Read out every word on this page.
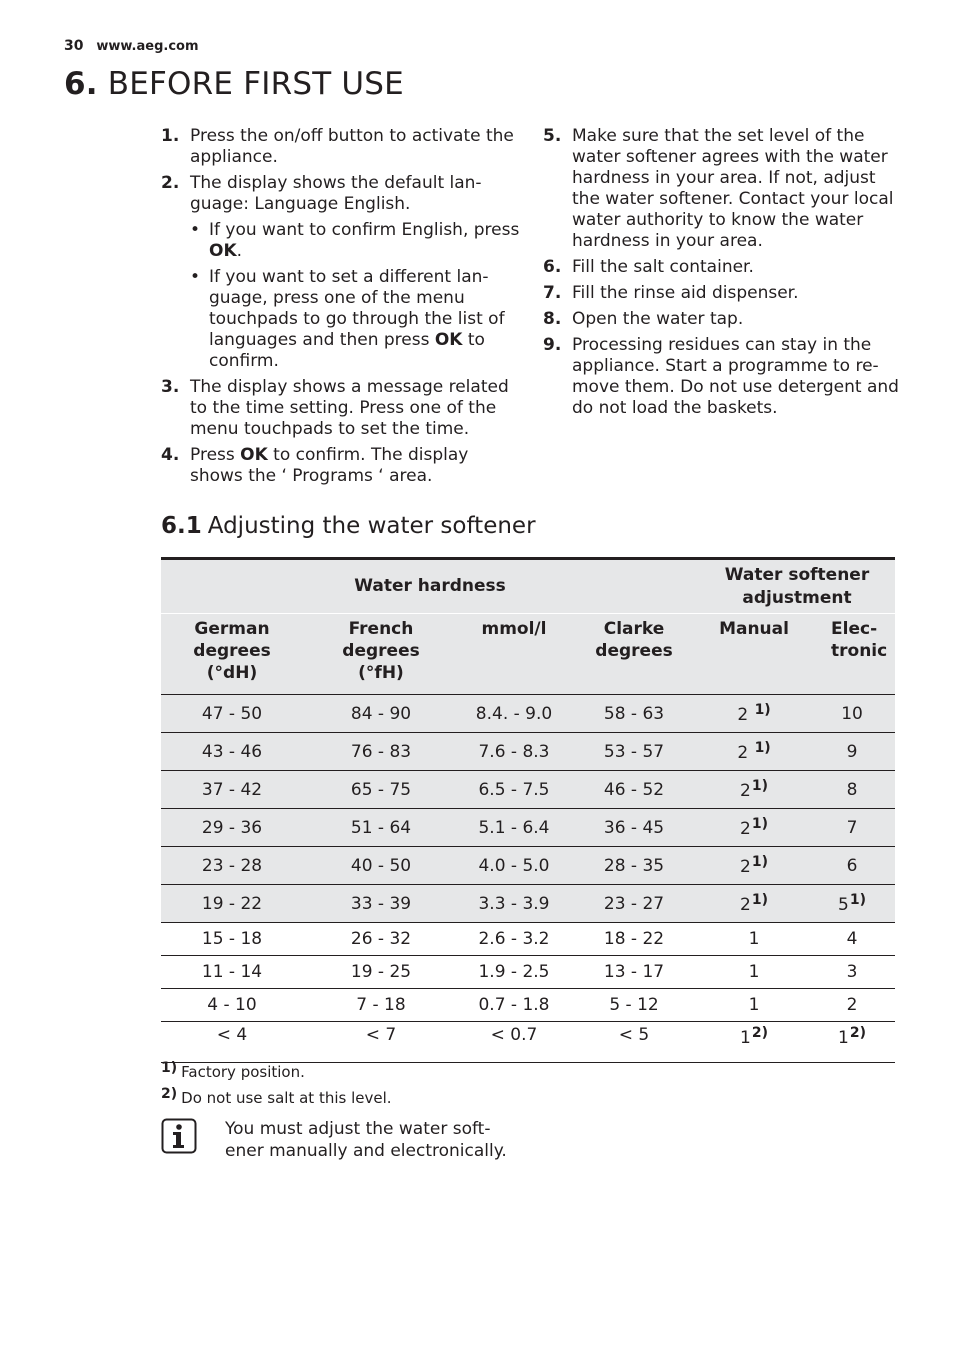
30 www.aeg.com
6. BEFORE FIRST USE
1. Press the on/off button to activate the appliance.
2. The display shows the default lan- guage: Language English.
• If you want to confirm English, press OK.
• If you want to set a different lan- guage, press one of the menu touchpads to go through the list of languages and then press OK to confirm.
3. The display shows a message related to the time setting. Press one of the menu touchpads to set the time.
4. Press OK to confirm. The display shows the ‘ Programs ‘ area.
5. Make sure that the set level of the water softener agrees with the water hardness in your area. If not, adjust the water softener. Contact your local water authority to know the water hardness in your area.
6. Fill the salt container.
7. Fill the rinse aid dispenser.
8. Open the water tap.
9. Processing residues can stay in the appliance. Start a programme to re- move them. Do not use detergent and do not load the baskets.
6.1 Adjusting the water softener
Water hardness				Water softener adjustment	
German degrees (°dH)	French degrees (°fH)	mmol/l	Clarke degrees	Manual	Elec- tronic
47 - 50	84 - 90	8.4. - 9.0	58 - 63	2 $^{1)}$	10
43 - 46	76 - 83	7.6 - 8.3	53 - 57	2 $^{1)}$	9
37 - 42	65 - 75	6.5 - 7.5	46 - 52	2$^{1)}$	8
29 - 36	51 - 64	5.1 - 6.4	36 - 45	2$^{1)}$	7
23 - 28	40 - 50	4.0 - 5.0	28 - 35	2$^{1)}$	6
19 - 22	33 - 39	3.3 - 3.9	23 - 27	2$^{1)}$	5$^{1)}$
15 - 18	26 - 32	2.6 - 3.2	18 - 22	1	4
11 - 14	19 - 25	1.9 - 2.5	13 - 17	1	3
4 - 10	7 - 18	0.7 - 1.8	5 - 12	1	2
< 4	< 7	< 0.7	< 5	1$^{2)}$	1$^{2)}$
1) Factory position.
2) Do not use salt at this level.
You must adjust the water soft- ener manually and electronically.
